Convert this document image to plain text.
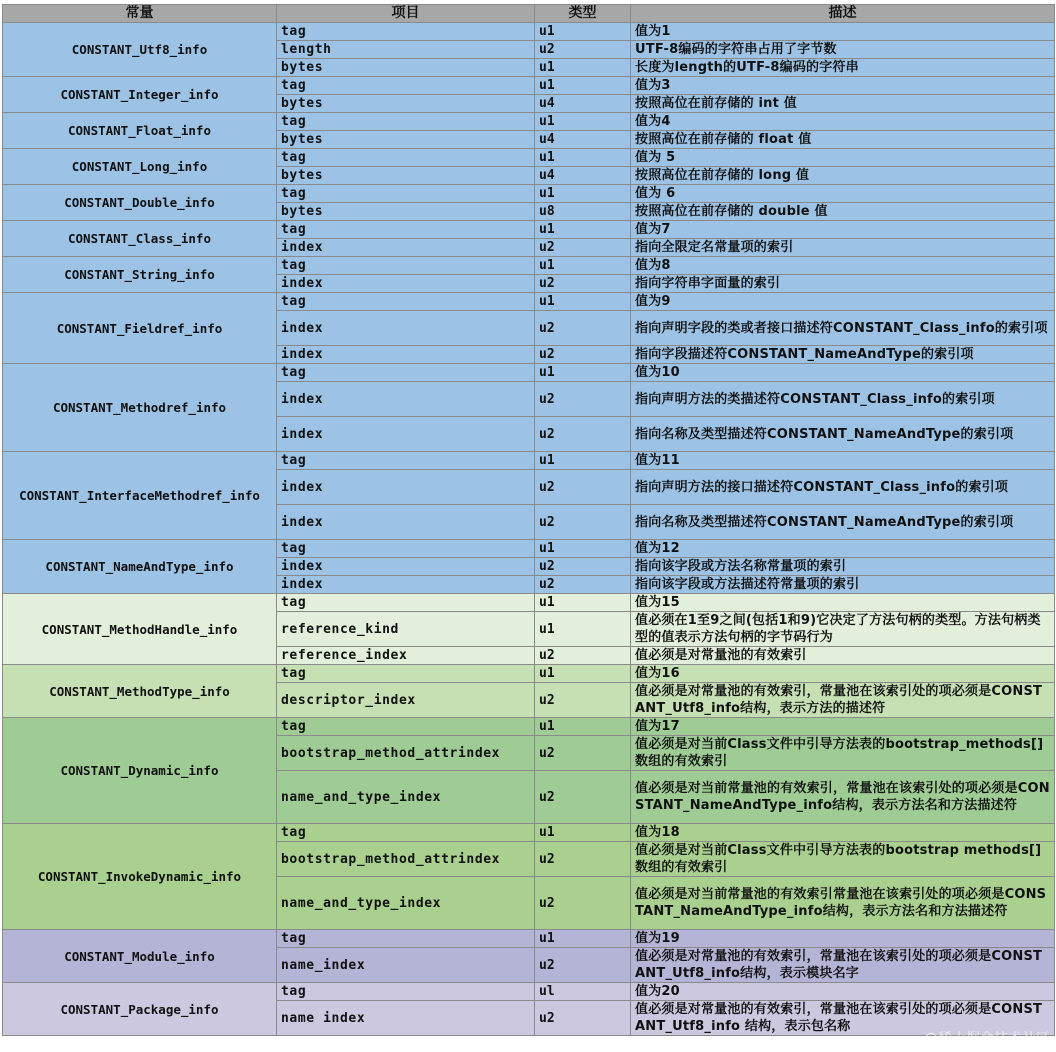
常量	项目	类型	描述
CONSTANT_Utf8_info	tag	u1	值为1
	length	u2	UTF-8编码的字符串占用了字节数
	bytes	u1	长度为length的UTF-8编码的字符串
CONSTANT_Integer_info	tag	u1	值为3
	bytes	u4	按照高位在前存储的 int 值
CONSTANT_Float_info	tag	u1	值为4
	bytes	u4	按照高位在前存储的 float 值
CONSTANT_Long_info	tag	u1	值为 5
	bytes	u4	按照高位在前存储的 long 值
CONSTANT_Double_info	tag	u1	值为 6
	bytes	u8	按照高位在前存储的 double 值
CONSTANT_Class_info	tag	u1	值为7
	index	u2	指向全限定名常量项的索引
CONSTANT_String_info	tag	u1	值为8
	index	u2	指向字符串字面量的索引
CONSTANT_Fieldref_info	tag	u1	值为9
	index	u2	指向声明字段的类或者接口描述符CONSTANT_Class_info的索引项
	index	u2	指向字段描述符CONSTANT_NameAndType的索引项
CONSTANT_Methodref_info	tag	u1	值为10
	index	u2	指向声明方法的类描述符CONSTANT_Class_info的索引项
	index	u2	指向名称及类型描述符CONSTANT_NameAndType的索引项
CONSTANT_InterfaceMethodref_info	tag	u1	值为11
	index	u2	指向声明方法的接口描述符CONSTANT_Class_info的索引项
	index	u2	指向名称及类型描述符CONSTANT_NameAndType的索引项
CONSTANT_NameAndType_info	tag	u1	值为12
	index	u2	指向该字段或方法名称常量项的索引
	index	u2	指向该字段或方法描述符常量项的索引
CONSTANT_MethodHandle_info	tag	u1	值为15
	reference_kind	u1	值必须在1至9之间(包括1和9)它决定了方法句柄的类型。方法句柄类型的值表示方法句柄的字节码行为
	reference_index	u2	值必须是对常量池的有效索引
CONSTANT_MethodType_info	tag	u1	值为16
	descriptor_index	u2	值必须是对常量池的有效索引，常量池在该索引处的项必须是CONSTANT_Utf8_info结构，表示方法的描述符
CONSTANT_Dynamic_info	tag	u1	值为17
	bootstrap_method_attrindex	u2	值必须是对当前Class文件中引导方法表的bootstrap_methods[]数组的有效索引
	name_and_type_index	u2	值必须是对当前常量池的有效索引，常量池在该索引处的项必须是CONSTANT_NameAndType_info结构，表示方法名和方法描述符
CONSTANT_InvokeDynamic_info	tag	u1	值为18
	bootstrap_method_attrindex	u2	值必须是对当前Class文件中引导方法表的bootstrap methods[]数组的有效索引
	name_and_type_index	u2	值必须是对当前常量池的有效索引常量池在该索引处的项必须是CONSTANT_NameAndType_info结构，表示方法名和方法描述符
CONSTANT_Module_info	tag	u1	值为19
	name_index	u2	值必须是对常量池的有效索引，常量池在该索引处的项必须是CONSTANT_Utf8_info结构，表示模块名字
CONSTANT_Package_info	tag	ul	值为20
	name index	u2	值必须是对常量池的有效索引，常量池在该索引处的项必须是CONSTANT_Utf8_info 结构，表示包名称
@稀土掘金技术社区
